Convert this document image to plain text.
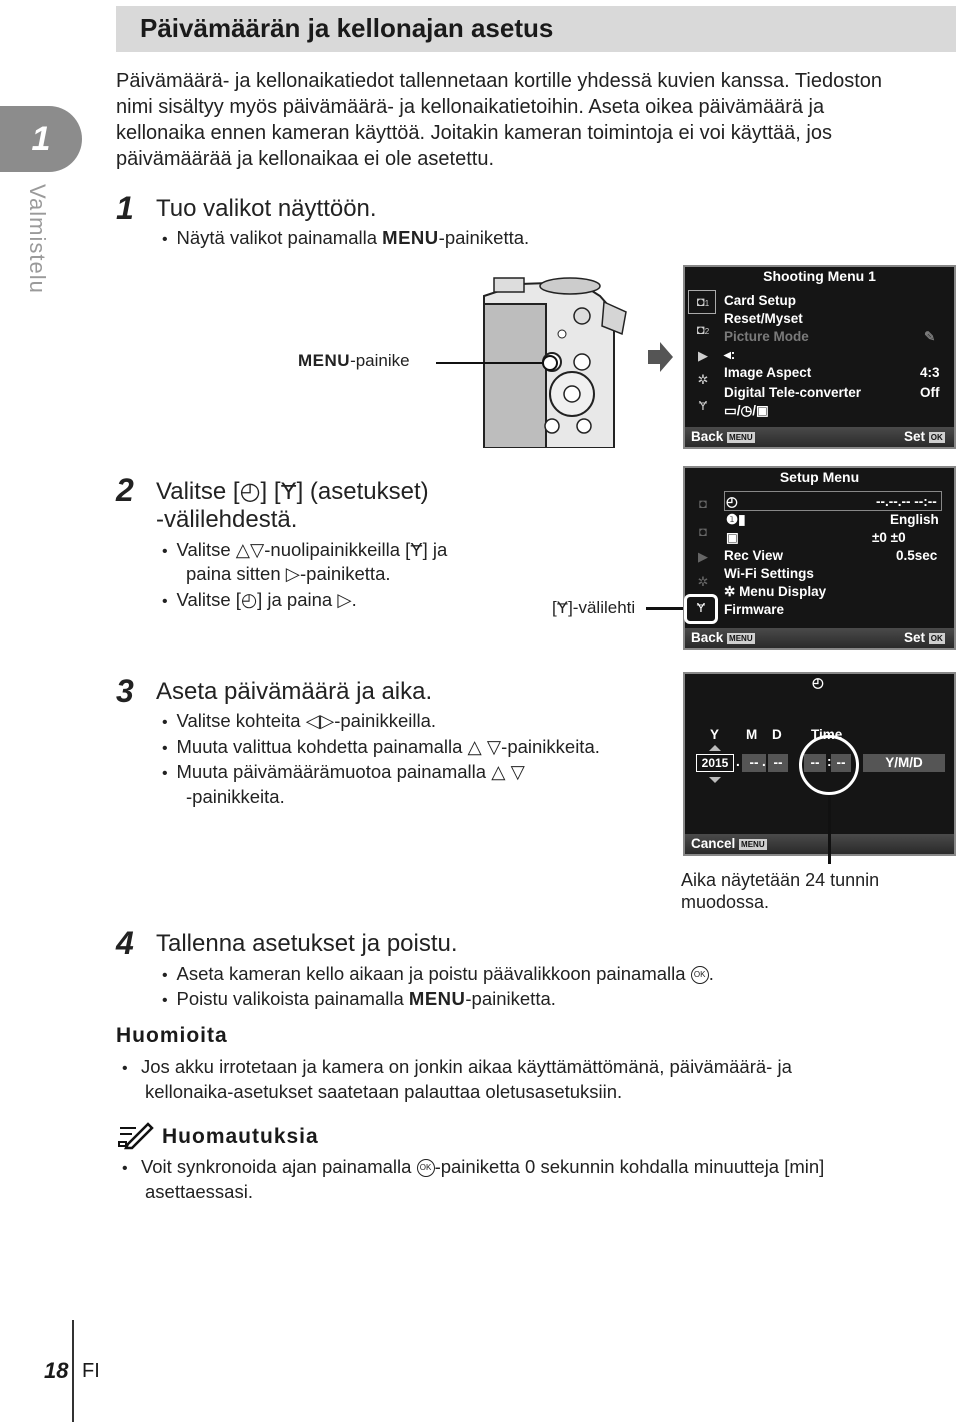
1
Valmistelu
Päivämäärän ja kellonajan asetus
Päivämäärä- ja kellonaikatiedot tallennetaan kortille yhdessä kuvien kanssa. Tiedoston
nimi sisältyy myös päivämäärä- ja kellonaikatietoihin. Aseta oikea päivämäärä ja
kellonaika ennen kameran käyttöä. Joitakin kameran toimintoja ei voi käyttää, jos
päivämäärää ja kellonaikaa ei ole asetettu.
1 Tuo valikot näyttöön.
•  Näytä valikot painamalla MENU-painiketta.
MENU-painike
Shooting Menu 1
◘1
◘2
▶
✲
Ɏ
Card Setup
Reset/Myset
Picture Mode	✎
◂:
Image Aspect	4:3
Digital Tele-converter	Off
▭/◷/▣
Back MENU	Set OK
2 Valitse [◴] [Ɏ] (asetukset)
-välilehdestä.
•  Valitse △▽-nuolipainikkeilla [Ɏ] ja
paina sitten ▷-painiketta.
•  Valitse [◴] ja paina ▷.	[Ɏ]-välilehti
Setup Menu
◘
◘
▶
✲
Ɏ
◴	--.--.-- --:--
❶▮	English
▣	±0 ±0
Rec View	0.5sec
Wi-Fi Settings
✲ Menu Display
Firmware
Back MENU	Set OK
3 Aseta päivämäärä ja aika.
•  Valitse kohteita ◁▷-painikkeilla.
•  Muuta valittua kohdetta painamalla △ ▽-painikkeita.
•  Muuta päivämäärämuotoa painamalla △ ▽
-painikkeita.
◴
Y M D Time
2015 . -- . --	-- : --	Y/M/D
Cancel MENU
Aika näytetään 24 tunnin
muodossa.
4 Tallenna asetukset ja poistu.
•  Aseta kameran kello aikaan ja poistu päävalikkoon painamalla OK .
•  Poistu valikoista painamalla MENU-painiketta.
Huomioita
•   Jos akku irrotetaan ja kamera on jonkin aikaa käyttämättömänä, päivämäärä- ja
kellonaika-asetukset saatetaan palauttaa oletusasetuksiin.
Huomautuksia
•   Voit synkronoida ajan painamalla OK -painiketta 0 sekunnin kohdalla minuutteja [min]
asettaessasi.
18 FI
